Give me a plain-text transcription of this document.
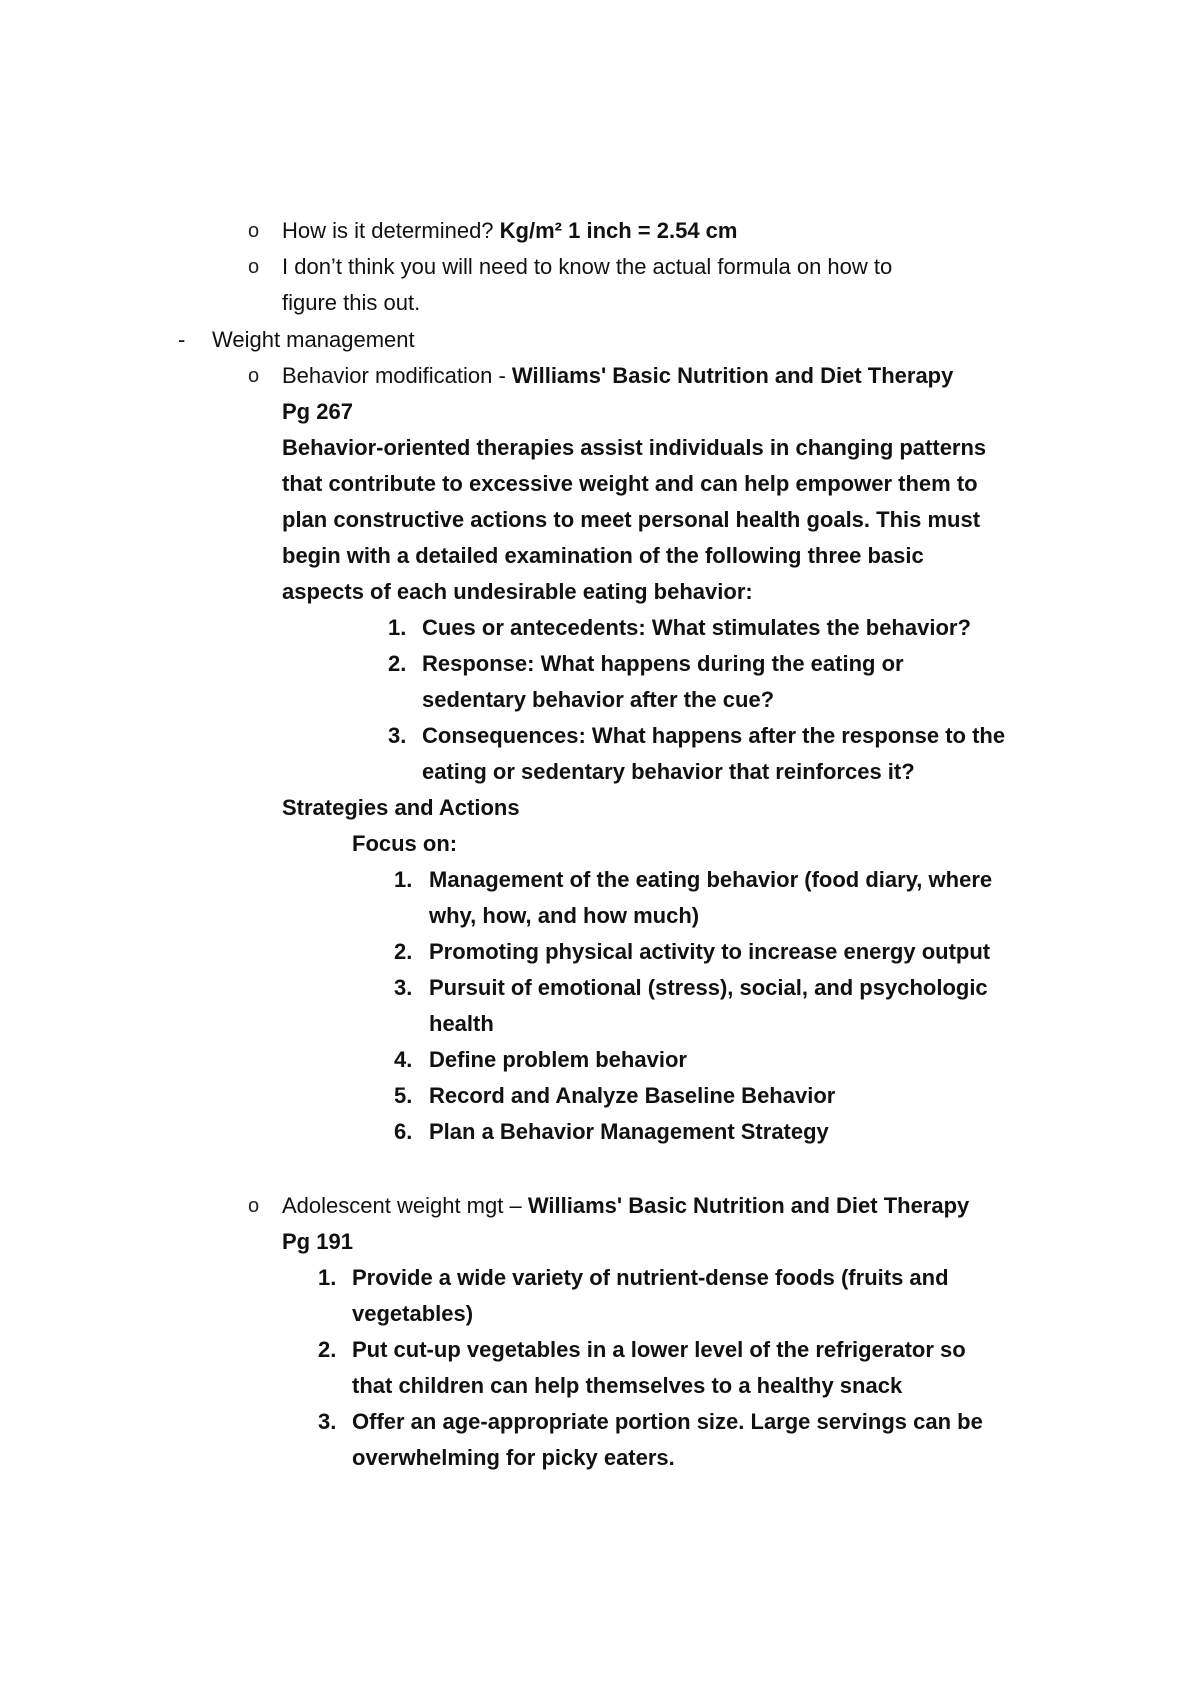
o How is it determined? Kg/m² 1 inch = 2.54 cm
o I don’t think you will need to know the actual formula on how to
figure this out.
- Weight management
o Behavior modification - Williams' Basic Nutrition and Diet Therapy
Pg 267
Behavior-oriented therapies assist individuals in changing patterns
that contribute to excessive weight and can help empower them to
plan constructive actions to meet personal health goals. This must
begin with a detailed examination of the following three basic
aspects of each undesirable eating behavior:
1. Cues or antecedents: What stimulates the behavior?
2. Response: What happens during the eating or
sedentary behavior after the cue?
3. Consequences: What happens after the response to the
eating or sedentary behavior that reinforces it?
Strategies and Actions
Focus on:
1. Management of the eating behavior (food diary, where
why, how, and how much)
2. Promoting physical activity to increase energy output
3. Pursuit of emotional (stress), social, and psychologic
health
4. Define problem behavior
5. Record and Analyze Baseline Behavior
6. Plan a Behavior Management Strategy
o Adolescent weight mgt – Williams' Basic Nutrition and Diet Therapy
Pg 191
1. Provide a wide variety of nutrient-dense foods (fruits and
vegetables)
2. Put cut-up vegetables in a lower level of the refrigerator so
that children can help themselves to a healthy snack
3. Offer an age-appropriate portion size. Large servings can be
overwhelming for picky eaters.
